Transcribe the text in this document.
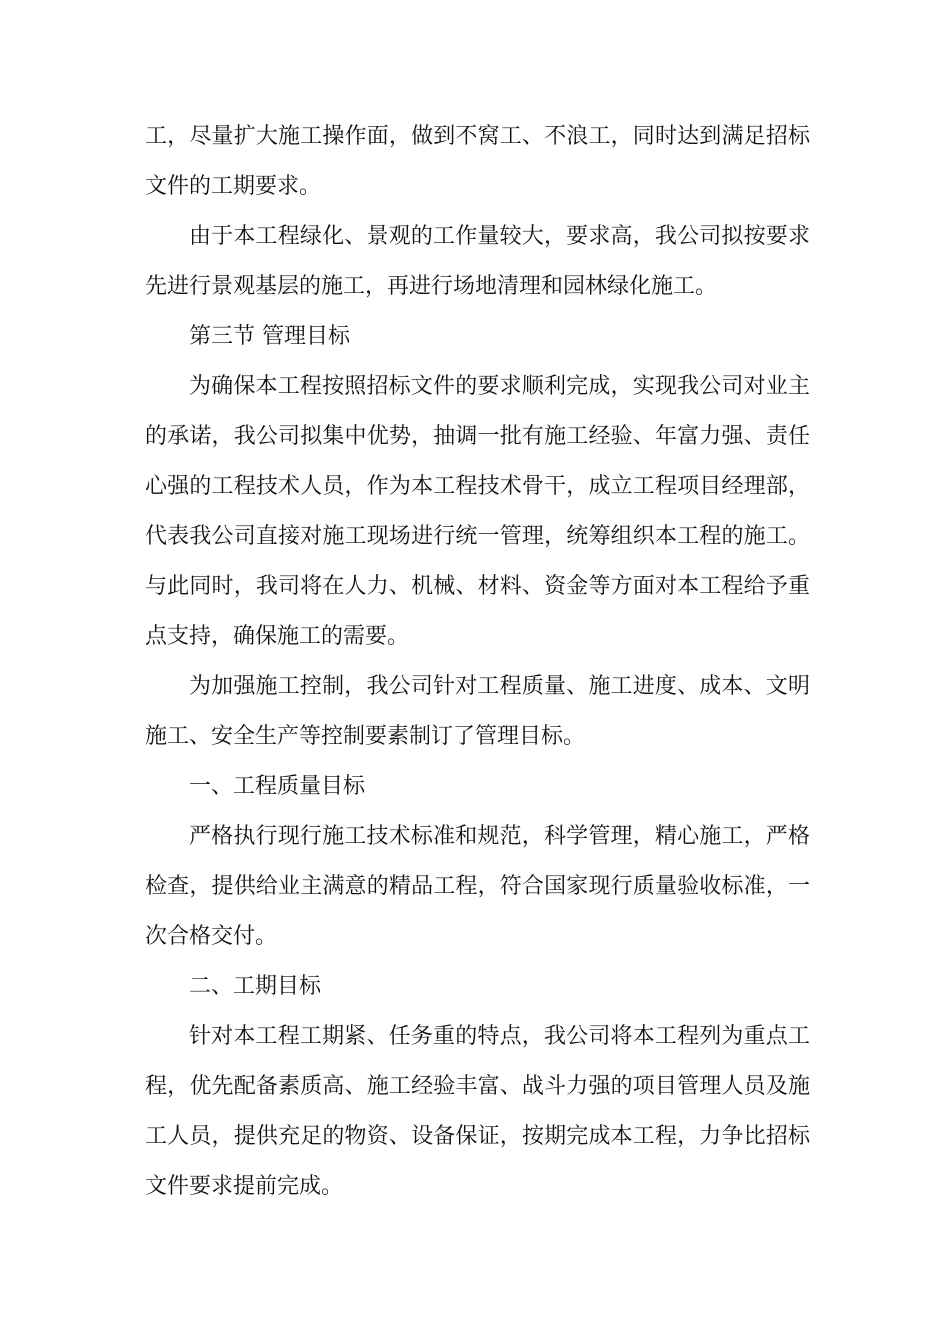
工，尽量扩大施工操作面，做到不窝工、不浪工，同时达到满足招标文件的工期要求。

由于本工程绿化、景观的工作量较大，要求高，我公司拟按要求先进行景观基层的施工，再进行场地清理和园林绿化施工。

第三节 管理目标

为确保本工程按照招标文件的要求顺利完成，实现我公司对业主的承诺，我公司拟集中优势，抽调一批有施工经验、年富力强、责任心强的工程技术人员，作为本工程技术骨干，成立工程项目经理部，代表我公司直接对施工现场进行统一管理，统筹组织本工程的施工。与此同时，我司将在人力、机械、材料、资金等方面对本工程给予重点支持，确保施工的需要。

为加强施工控制，我公司针对工程质量、施工进度、成本、文明施工、安全生产等控制要素制订了管理目标。

一、工程质量目标

严格执行现行施工技术标准和规范，科学管理，精心施工，严格检查，提供给业主满意的精品工程，符合国家现行质量验收标准，一次合格交付。

二、工期目标

针对本工程工期紧、任务重的特点，我公司将本工程列为重点工程，优先配备素质高、施工经验丰富、战斗力强的项目管理人员及施工人员，提供充足的物资、设备保证，按期完成本工程，力争比招标文件要求提前完成。
